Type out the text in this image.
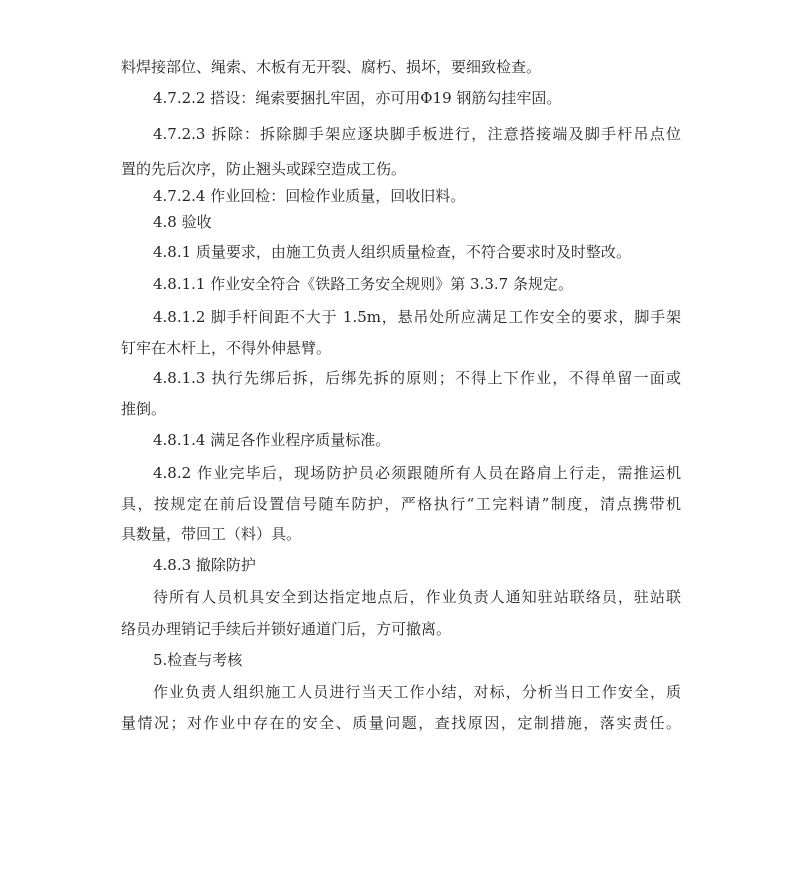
料焊接部位、绳索、木板有无开裂、腐朽、损坏，要细致检查。
4.7.2.2 搭设：绳索要捆扎牢固，亦可用Φ19 钢筋勾挂牢固。
4.7.2.3 拆除：拆除脚手架应逐块脚手板进行，注意搭接端及脚手杆吊点位
置的先后次序，防止翘头或踩空造成工伤。
4.7.2.4 作业回检：回检作业质量，回收旧料。
4.8 验收
4.8.1 质量要求，由施工负责人组织质量检查，不符合要求时及时整改。
4.8.1.1 作业安全符合《铁路工务安全规则》第 3.3.7 条规定。
4.8.1.2 脚手杆间距不大于 1.5m，悬吊处所应满足工作安全的要求，脚手架
钉牢在木杆上，不得外伸悬臂。
4.8.1.3 执行先绑后拆，后绑先拆的原则；不得上下作业，不得单留一面或
推倒。
4.8.1.4 满足各作业程序质量标准。
4.8.2 作业完毕后，现场防护员必须跟随所有人员在路肩上行走，需推运机
具，按规定在前后设置信号随车防护，严格执行“工完料请”制度，清点携带机
具数量，带回工（料）具。
4.8.3 撤除防护
待所有人员机具安全到达指定地点后，作业负责人通知驻站联络员，驻站联
络员办理销记手续后并锁好通道门后，方可撤离。
5.检查与考核
作业负责人组织施工人员进行当天工作小结，对标，分析当日工作安全，质
量情况；对作业中存在的安全、质量问题，查找原因，定制措施，落实责任。
